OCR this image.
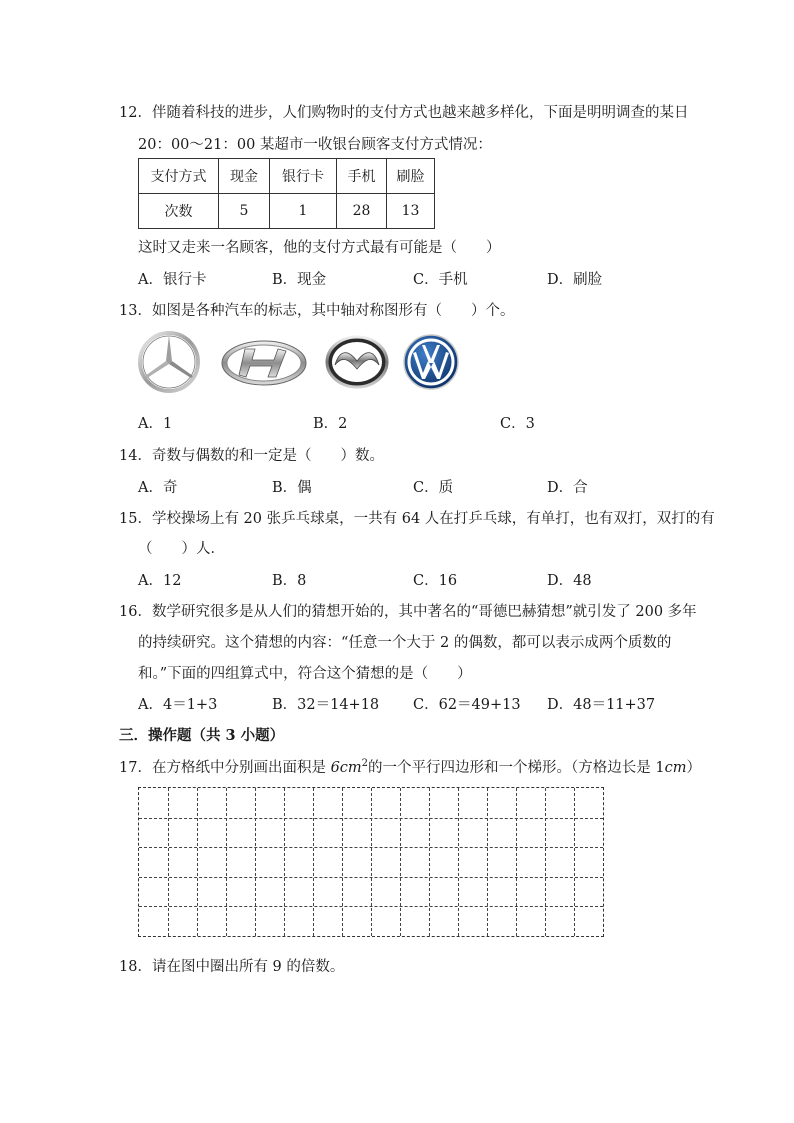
12．伴随着科技的进步，人们购物时的支付方式也越来越多样化，下面是明明调查的某日
20：00～21：00 某超市一收银台顾客支付方式情况：
支付方式	现金	银行卡	手机	刷脸
次数	5	1	28	13
这时又走来一名顾客，他的支付方式最有可能是（　　）
A．银行卡	B．现金	C．手机	D．刷脸
13．如图是各种汽车的标志，其中轴对称图形有（　　）个。
A．1	B．2	C．3
14．奇数与偶数的和一定是（　　）数。
A．奇	B．偶	C．质	D．合
15．学校操场上有 20 张乒乓球桌，一共有 64 人在打乒乓球，有单打，也有双打，双打的有
（　　）人．
A．12	B．8	C．16	D．48
16．数学研究很多是从人们的猜想开始的，其中著名的“哥德巴赫猜想”就引发了 200 多年
的持续研究。这个猜想的内容：“任意一个大于 2 的偶数，都可以表示成两个质数的
和。”下面的四组算式中，符合这个猜想的是（　　）
A．4＝1+3	B．32＝14+18 C．62＝49+13 D．48＝11+37
三．操作题（共 3 小题）
17．在方格纸中分别画出面积是 $6cm^2$的一个平行四边形和一个梯形。（方格边长是 1cm）
18．请在图中圈出所有 9 的倍数。
